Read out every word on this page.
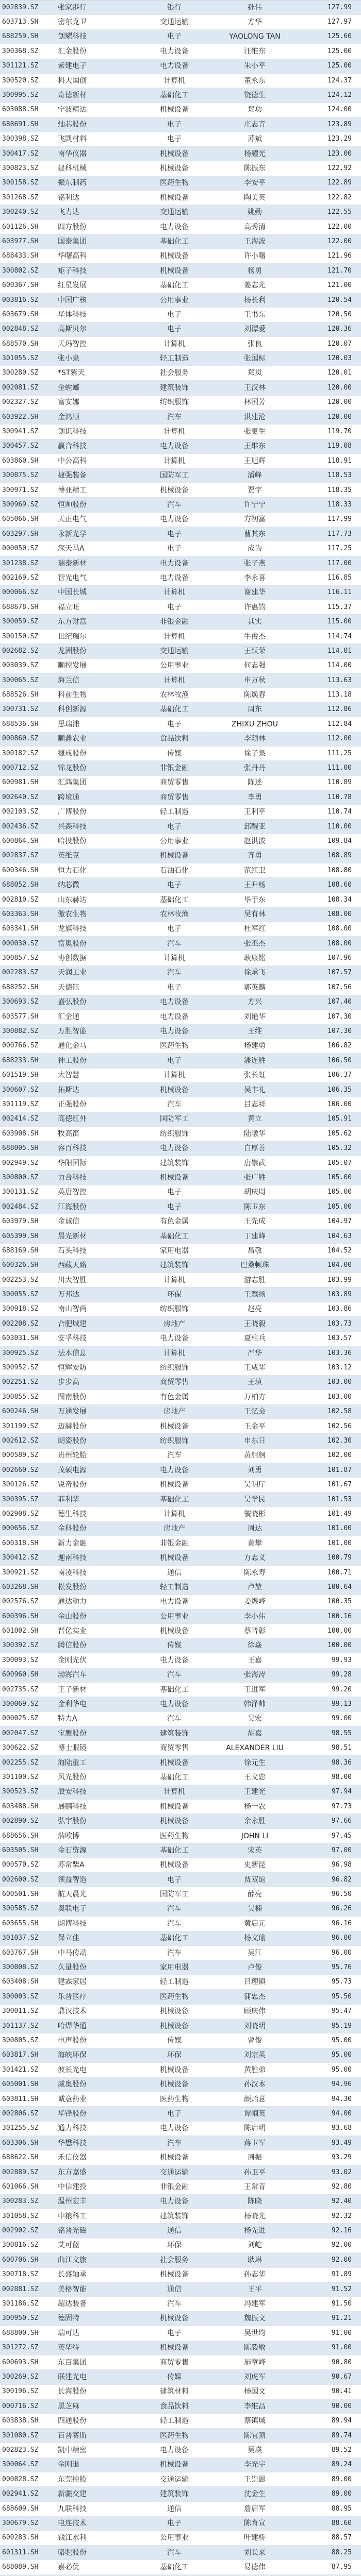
002839.SZ	张家港行	银行	孙伟	127.99
603713.SH	密尔克卫	交通运输	方华	127.97
688259.SH	创耀科技	电子	YAOLONG TAN	125.60
300368.SZ	汇金股份	电力设备	汪维东	125.00
301121.SZ	紫建电子	电力设备	朱小平	125.00
300520.SZ	科大国创	计算机	董永东	124.37
300995.SZ	奇德新材	基础化工	饶德生	124.12
603088.SH	宁波精达	机械设备	郑功	124.00
688691.SH	灿芯股份	电子	庄志青	123.89
300398.SZ	飞凯材料	电子	苏斌	123.29
300417.SZ	南华仪器	机械设备	杨耀光	123.00
300823.SZ	建科机械	机械设备	陈振东	122.92
300158.SZ	振东制药	医药生物	李安平	122.89
301268.SZ	铭利达	机械设备	陶美英	122.82
300240.SZ	飞力达	交通运输	姚勤	122.55
601126.SH	四方股份	电力设备	高秀清	122.00
603977.SH	国泰集团	基础化工	王海波	122.00
688433.SH	华曙高科	机械设备	许小曙	121.96
300802.SZ	矩子科技	机械设备	杨勇	121.70
600367.SH	红星发展	基础化工	姜志光	121.00
003816.SZ	中国广核	公用事业	杨长利	120.54
603679.SH	华体科技	电子	王书东	120.50
002848.SZ	高斯贝尔	电子	刘潭爱	120.36
688570.SH	天玛智控	计算机	张良	120.07
301055.SZ	张小泉	轻工制造	张国标	120.03
300280.SZ	*ST紫天	社会服务	郑岚	120.01
002081.SZ	金螳螂	建筑装饰	王汉林	120.00
002327.SZ	富安娜	纺织服饰	林国芳	120.00
603922.SH	金鸿顺	汽车	洪建沧	120.00
300941.SZ	创识科技	计算机	张更生	119.70
300457.SZ	赢合科技	电力设备	王维东	119.08
603860.SH	中公高科	计算机	王旭辉	118.91
300875.SZ	捷强装备	国防军工	潘峰	118.53
300971.SZ	博亚精工	机械设备	贾宇	118.35
300969.SZ	恒帅股份	汽车	许宁宁	118.33
605066.SH	天正电气	电力设备	方初富	117.99
603297.SH	永新光学	电子	曹其东	117.73
000050.SZ	深天马A	电子	成为	117.25
301238.SZ	瑞泰新材	电力设备	张子燕	117.00
002169.SZ	智光电气	电力设备	李永喜	116.85
000066.SZ	中国长城	计算机	谢建华	116.11
688678.SH	福立旺	电子	许惠钧	115.37
300059.SZ	东方财富	非银金融	其实	115.00
300150.SZ	世纪瑞尔	计算机	牛俊杰	114.74
002682.SZ	龙洲股份	交通运输	王跃荣	114.01
003039.SZ	顺控发展	公用事业	何志强	114.00
300065.SZ	海兰信	计算机	申万秋	113.63
688526.SH	科前生物	农林牧渔	陈焕春	113.18
300731.SZ	科创新源	基础化工	周东	112.86
688536.SH	思瑞浦	电子	ZHIXU ZHOU	112.84
000860.SZ	顺鑫农业	食品饮料	李颖林	112.00
300182.SZ	捷成股份	传媒	徐子泉	111.25
000712.SZ	锦龙股份	非银金融	张丹丹	111.00
600981.SH	汇鸿集团	商贸零售	陈述	110.89
002640.SZ	跨境通	商贸零售	李勇	110.78
002103.SZ	广博股份	轻工制造	王利平	110.74
002436.SZ	兴森科技	电子	邱醒亚	110.00
600864.SH	哈投股份	公用事业	赵洪波	109.84
002837.SZ	英维克	机械设备	齐勇	108.89
600346.SH	恒力石化	石油石化	范红卫	108.80
688052.SH	纳芯微	电子	王升杨	108.60
002810.SZ	山东赫达	基础化工	毕于东	108.34
603363.SH	傲农生物	农林牧渔	吴有林	108.00
603341.SH	龙旗科技	电子	杜军红	108.00
000030.SZ	富奥股份	汽车	张丕杰	108.00
300857.SZ	协创数据	计算机	耿康铭	107.96
002283.SZ	天润工业	汽车	徐承飞	107.57
688252.SH	天德钰	电子	郭英麟	107.56
300693.SZ	盛弘股份	电力设备	方兴	107.40
603577.SH	汇金通	电力设备	刘艳华	107.30
300882.SZ	万胜智能	电力设备	王维	107.30
000766.SZ	通化金马	医药生物	杨建勇	106.82
688233.SH	神工股份	电子	潘连胜	106.50
601519.SH	大智慧	计算机	张长虹	106.37
300607.SZ	拓斯达	机械设备	吴丰礼	106.35
301119.SZ	正强股份	汽车	吕志祥	106.00
002414.SZ	高德红外	国防军工	黄立	105.91
603908.SH	牧高笛	纺织服饰	陆暾华	105.62
688005.SH	容百科技	电力设备	白厚善	105.32
002949.SZ	华阳国际	建筑装饰	唐崇武	105.07
300800.SZ	力合科技	机械设备	张广胜	105.00
300131.SZ	英唐智控	电子	胡庆周	105.00
002484.SZ	江海股份	电子	陈卫东	105.00
603979.SH	金诚信	有色金属	王先成	104.97
605399.SH	晨光新材	基础化工	丁建峰	104.63
688169.SH	石头科技	家用电器	昌敬	104.52
600326.SH	西藏天路	建筑装饰	巴桑顿珠	104.00
002253.SZ	川大智胜	计算机	游志胜	103.99
300055.SZ	万邦达	环保	王飘扬	103.89
300918.SZ	南山智尚	纺织服饰	赵亮	103.86
002208.SZ	合肥城建	房地产	王晓毅	103.73
603031.SH	安孚科技	电力设备	夏柱兵	103.57
300925.SZ	法本信息	计算机	严华	103.36
300952.SZ	恒辉安防	纺织服饰	王咸华	103.12
002251.SZ	步步高	商贸零售	王填	103.00
300855.SZ	图南股份	有色金属	万柏方	103.00
600246.SH	万通发展	房地产	王忆会	102.58
301199.SZ	迈赫股份	机械设备	王金平	102.56
002612.SZ	朗姿股份	纺织服饰	申东日	102.30
000589.SZ	贵州轮胎	汽车	黄舸舸	102.00
002660.SZ	茂硕电源	电力设备	刘勇	101.87
300126.SZ	锐奇股份	机械设备	吴明厅	101.67
300395.SZ	菲利华	基础化工	吴学民	101.53
002908.SZ	德生科技	计算机	虢晓彬	101.49
000656.SZ	金科股份	房地产	周达	101.00
600318.SH	新力金融	非银金融	黄攀	101.00
300412.SZ	迦南科技	机械设备	方志义	100.79
300921.SZ	南凌科技	通信	陈永寿	100.71
603268.SH	松发股份	轻工制造	卢堃	100.64
002576.SZ	通达动力	电力设备	姜煜峰	100.35
600396.SH	金山股份	公用事业	李小伟	100.16
601002.SH	晋亿实业	机械设备	蔡晋彰	100.00
300392.SZ	腾信股份	传媒	徐焱	100.00
300093.SZ	金刚光伏	电力设备	王嘉	99.93
600960.SH	渤海汽车	汽车	张海涛	99.28
002735.SZ	王子新材	基础化工	王进军	99.20
300069.SZ	金利华电	电力设备	韩泽帅	99.13
000025.SZ	特力A	汽车	吴宏	99.00
002047.SZ	宝鹰股份	建筑装饰	胡嘉	98.55
300622.SZ	博士眼镜	商贸零售	ALEXANDER LIU	98.51
002255.SZ	海陆重工	机械设备	徐元生	98.36
301100.SZ	风光股份	基础化工	王文忠	98.00
300523.SZ	辰安科技	计算机	王建光	97.94
603488.SH	展鹏科技	机械设备	杨一农	97.73
002890.SZ	弘宇股份	机械设备	余永胜	97.66
688656.SH	浩欧博	医药生物	JOHN LI	97.45
603505.SH	金石资源	基础化工	宋英	97.00
000570.SZ	苏常柴A	机械设备	史新昆	96.98
002600.SZ	领益智造	电子	贾双谊	96.82
600501.SH	航天晨光	国防军工	薛亮	96.50
300585.SZ	奥联电子	汽车	吴楠	96.26
603655.SH	朗博科技	汽车	黄启元	96.16
301037.SZ	保立佳	基础化工	杨文瑜	96.00
603767.SH	中马传动	汽车	吴江	96.00
300808.SZ	久量股份	家用电器	卢俊	95.76
603408.SH	建霖家居	轻工制造	吕理镇	95.73
300003.SZ	乐普医疗	医药生物	蒲忠杰	95.50
300011.SZ	鼎汉技术	机械设备	顾庆伟	95.47
301137.SZ	哈焊华通	机械设备	刘晓明	95.19
300805.SZ	电声股份	传媒	曾俊	95.00
603817.SH	海峡环保	环保	刘宗英	95.00
301421.SZ	波长光电	机械设备	黄胜弟	95.00
605001.SH	威奥股份	机械设备	孙汉本	94.96
603811.SH	诚意药业	医药生物	颜贻意	94.30
002806.SZ	华锋股份	电子	谭帼英	94.00
301255.SZ	通力科技	电力设备	陈启明	93.68
603306.SH	华懋科技	汽车	蒋卫军	93.49
688622.SH	禾信仪器	机械设备	周振	93.29
002889.SZ	东方嘉盛	交通运输	孙卫平	93.02
601066.SH	中信建投	非银金融	王常青	92.80
300283.SZ	温州宏丰	电力设备	陈晓	92.40
301058.SZ	中粮科工	建筑装饰	杨晓光	92.32
002902.SZ	铭普光磁	通信	杨先进	92.16
300816.SZ	艾可蓝	环保	刘屹	92.00
600706.SH	曲江文旅	社会服务	耿琳	92.00
300718.SZ	长盛轴承	机械设备	孙志华	91.89
002881.SZ	美格智能	通信	王平	91.52
301186.SZ	超达装备	汽车	冯建军	91.50
300950.SZ	德固特	机械设备	魏振文	91.21
688800.SH	瑞可达	电子	吴世均	91.00
301272.SZ	英华特	机械设备	陈毅敏	91.00
600693.SH	东百集团	商贸零售	施章峰	90.80
300269.SZ	联建光电	传媒	刘虎军	90.67
300196.SZ	长海股份	建筑材料	杨国文	90.41
000716.SZ	黑芝麻	食品饮料	李维昌	90.00
603838.SH	四通股份	轻工制造	蔡镇城	89.94
301080.SZ	百普赛斯	医药生物	陈宜顶	89.74
002823.SZ	凯中精密	电力设备	吴瑛	89.52
300064.SZ	金刚退	机械设备	李光宇	89.24
000828.SZ	东莞控股	交通运输	王崇恩	89.00
002941.SZ	新疆交建	建筑装饰	沈金生	89.00
688609.SH	九联科技	通信	詹启军	88.95
300679.SZ	电连技术	电子	陈育宣	88.60
600283.SH	钱江水利	公用事业	叶建桥	88.57
601311.SH	骆驼股份	汽车	刘长来	88.25
688089.SH	嘉必优	基础化工	易德伟	87.95
